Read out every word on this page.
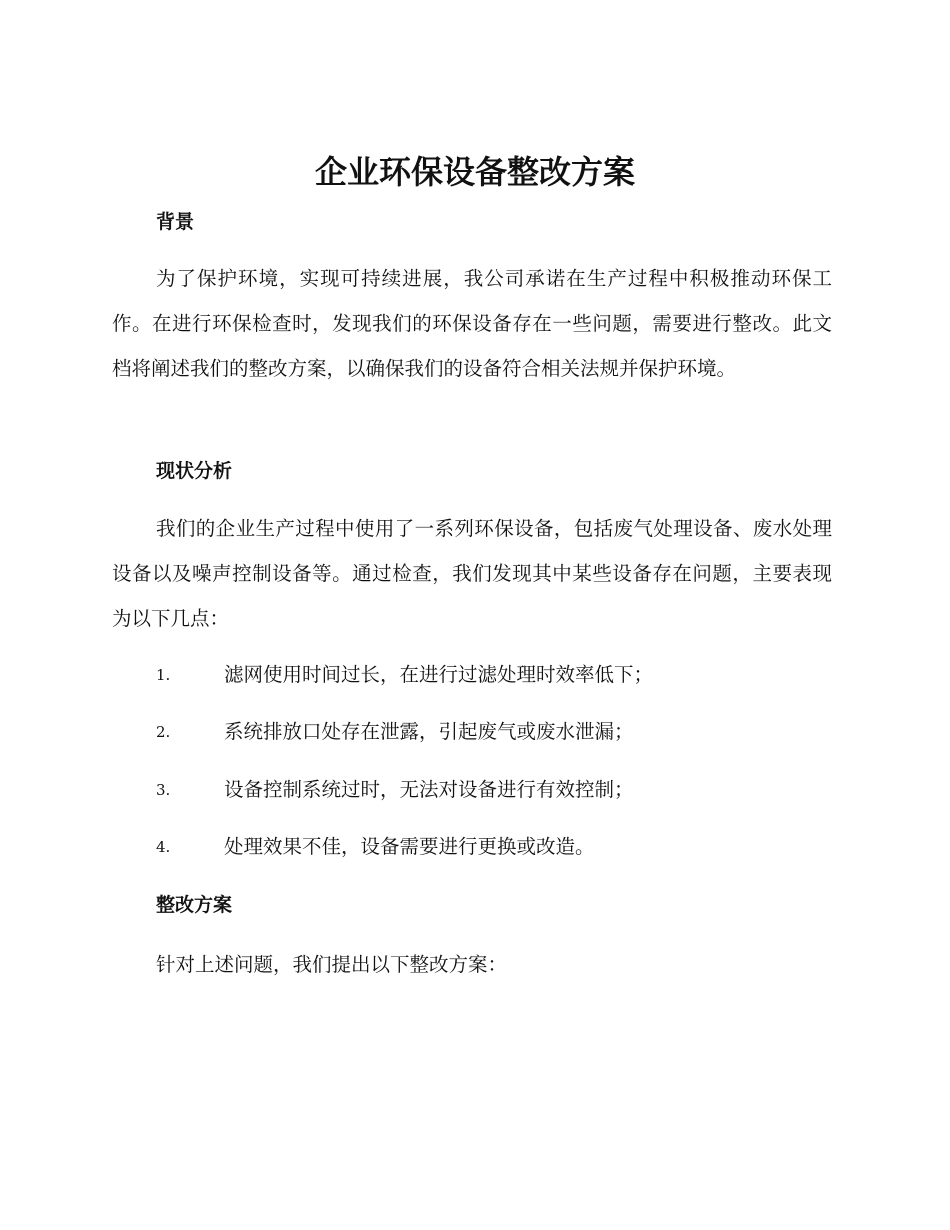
企业环保设备整改方案
背景

为了保护环境，实现可持续进展，我公司承诺在生产过程中积极推动环保工作。在进行环保检查时，发现我们的环保设备存在一些问题，需要进行整改。此文档将阐述我们的整改方案，以确保我们的设备符合相关法规并保护环境。

现状分析

我们的企业生产过程中使用了一系列环保设备，包括废气处理设备、废水处理设备以及噪声控制设备等。通过检查，我们发现其中某些设备存在问题，主要表现为以下几点：

1.	滤网使用时间过长，在进行过滤处理时效率低下；
2.	系统排放口处存在泄露，引起废气或废水泄漏；
3.	设备控制系统过时，无法对设备进行有效控制；
4.	处理效果不佳，设备需要进行更换或改造。
整改方案

针对上述问题，我们提出以下整改方案：
